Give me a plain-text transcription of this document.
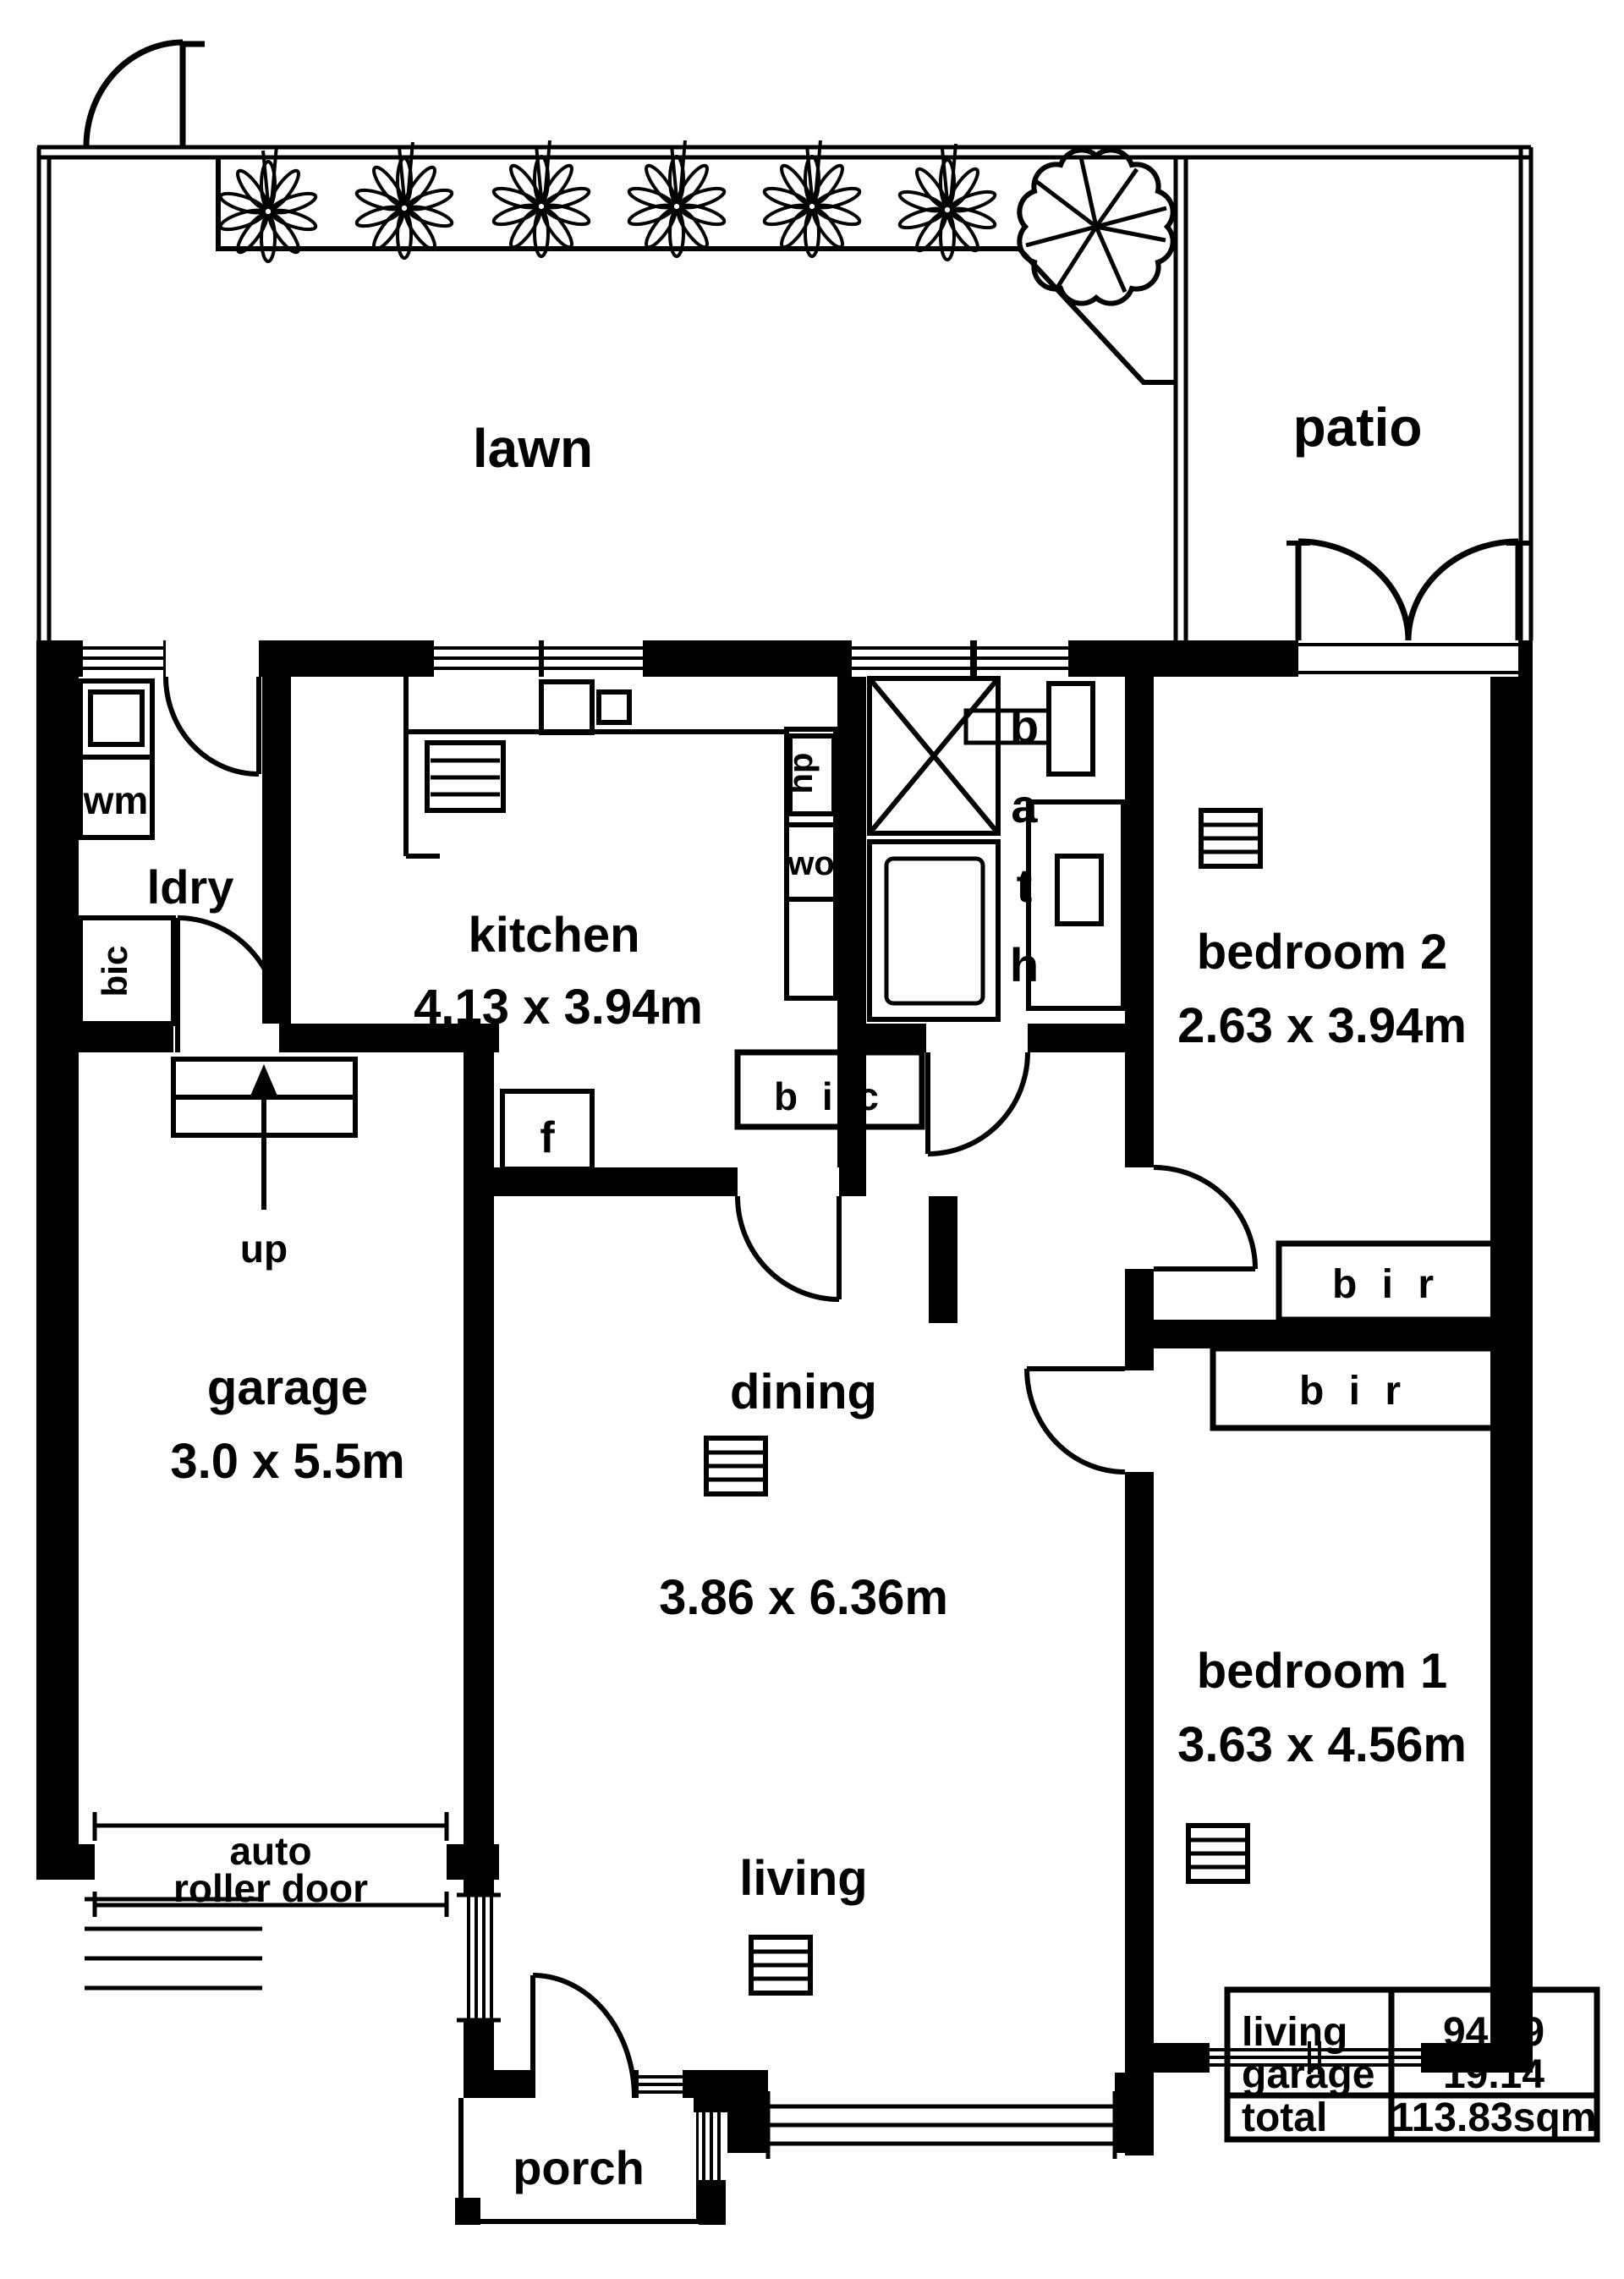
lawn	patio
auto
roller door
wm
bic
up
hp
wo
f
b i c
b i r
b i r
ldry
kitchen
4.13 x 3.94m
b
a
t
h	bedroom 2
2.63 x 3.94m
garage
3.0 x 5.5m
dining
3.86 x 6.36m
living
bedroom 1
3.63 x 4.56m
porch
living 94.69
garage 19.14
total 113.83sqm
